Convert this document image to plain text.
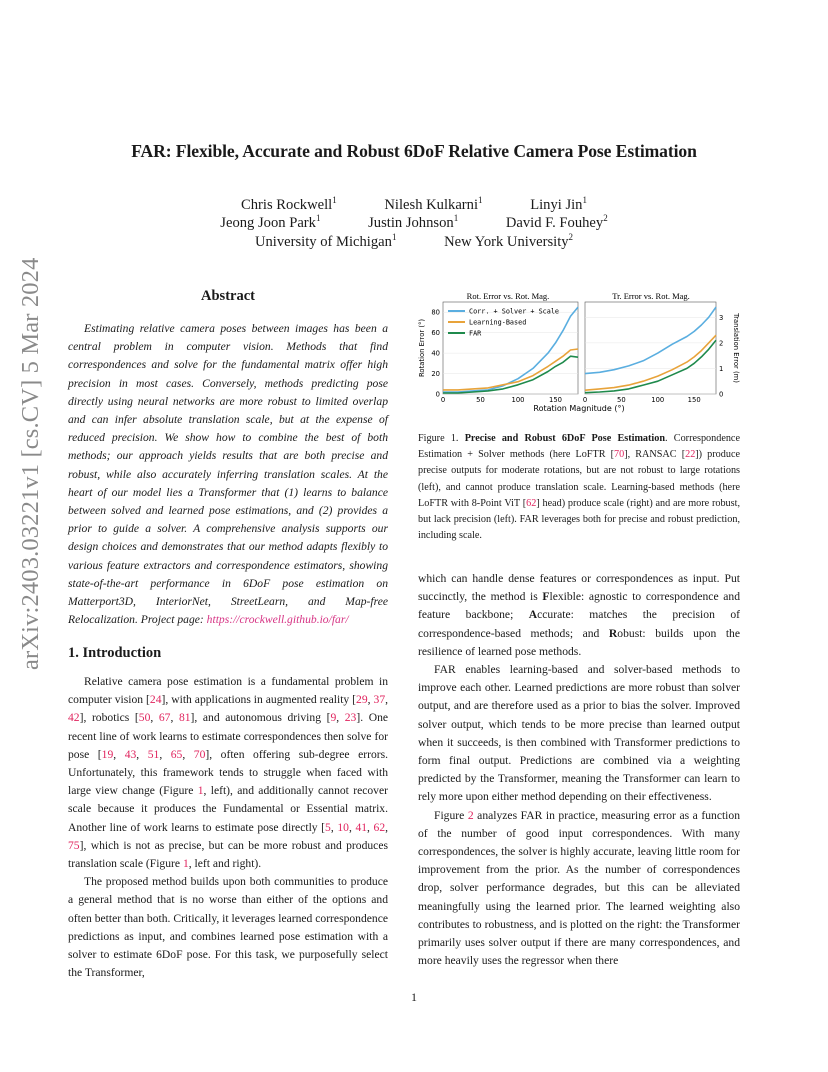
FAR: Flexible, Accurate and Robust 6DoF Relative Camera Pose Estimation
Chris Rockwell$^1$	Nilesh Kulkarni$^1$	Linyi Jin$^1$
Jeong Joon Park$^1$	Justin Johnson$^1$	David F. Fouhey$^2$
University of Michigan$^1$	New York University$^2$
arXiv:2403.03221v1 [cs.CV] 5 Mar 2024	Abstract
Estimating relative camera poses between images has been a central problem in computer vision. Methods that find correspondences and solve for the fundamental matrix offer high precision in most cases. Conversely, methods predicting pose directly using neural networks are more robust to limited overlap and can infer absolute translation scale, but at the expense of reduced precision. We show how to combine the best of both methods; our approach yields results that are both precise and robust, while also accurately inferring translation scales. At the heart of our model lies a Transformer that (1) learns to balance between solved and learned pose estimations, and (2) provides a prior to guide a solver. A comprehensive analysis supports our design choices and demonstrates that our method adapts flexibly to various feature extractors and correspondence estimators, showing state-of-the-art performance in 6DoF pose estimation on Matterport3D, InteriorNet, StreetLearn, and Map-free Relocalization. Project page: https://crockwell.github.io/far/
1. Introduction

Relative camera pose estimation is a fundamental problem in computer vision [24], with applications in augmented reality [29, 37, 42], robotics [50, 67, 81], and autonomous driving [9, 23]. One recent line of work learns to estimate correspondences then solve for pose [19, 43, 51, 65, 70], often offering sub-degree errors. Unfortunately, this framework tends to struggle when faced with large view change (Figure 1, left), and additionally cannot recover scale because it produces the Fundamental or Essential matrix. Another line of work learns to estimate pose directly [5, 10, 41, 62, 75], which is not as precise, but can be more robust and produces translation scale (Figure 1, left and right).

The proposed method builds upon both communities to produce a general method that is no worse than either of the options and often better than both. Critically, it leverages learned correspondence predictions as input, and combines learned pose estimation with a solver to estimate 6DoF pose. For this task, we purposefully select the Transformer,

Rot. Error vs. Rot. Mag.	Tr. Error vs. Rot. Mag.
0
20
40
60
80
0	50	100	150
0
1
2
3
0	50	100	150
Rotation Error (°)	Translation Error (m)
Rotation Magnitude (°)
Corr. + Solver + Scale
Learning-Based
FAR
Figure 1. Precise and Robust 6DoF Pose Estimation. Correspondence Estimation + Solver methods (here LoFTR [70], RANSAC [22]) produce precise outputs for moderate rotations, but are not robust to large rotations (left), and cannot produce translation scale. Learning-based methods (here LoFTR with 8-Point ViT [62] head) produce scale (right) and are more robust, but lack precision (left). FAR leverages both for precise and robust prediction, including scale.

which can handle dense features or correspondences as input. Put succinctly, the method is Flexible: agnostic to correspondence and feature backbone; Accurate: matches the precision of correspondence-based methods; and Robust: builds upon the resilience of learned pose methods.

FAR enables learning-based and solver-based methods to improve each other. Learned predictions are more robust than solver output, and are therefore used as a prior to bias the solver. Improved solver output, which tends to be more precise than learned output when it succeeds, is then combined with Transformer predictions to form final output. Predictions are combined via a weighting predicted by the Transformer, meaning the Transformer can learn to rely more upon either method depending on their effectiveness.

Figure 2 analyzes FAR in practice, measuring error as a function of the number of good input correspondences. With many correspondences, the solver is highly accurate, leaving little room for improvement from the prior. As the number of correspondences drop, solver performance degrades, but this can be alleviated meaningfully using the learned prior. The learned weighting also contributes to robustness, and is plotted on the right: the Transformer primarily uses solver output if there are many correspondences, and more heavily uses the regressor when there

1
